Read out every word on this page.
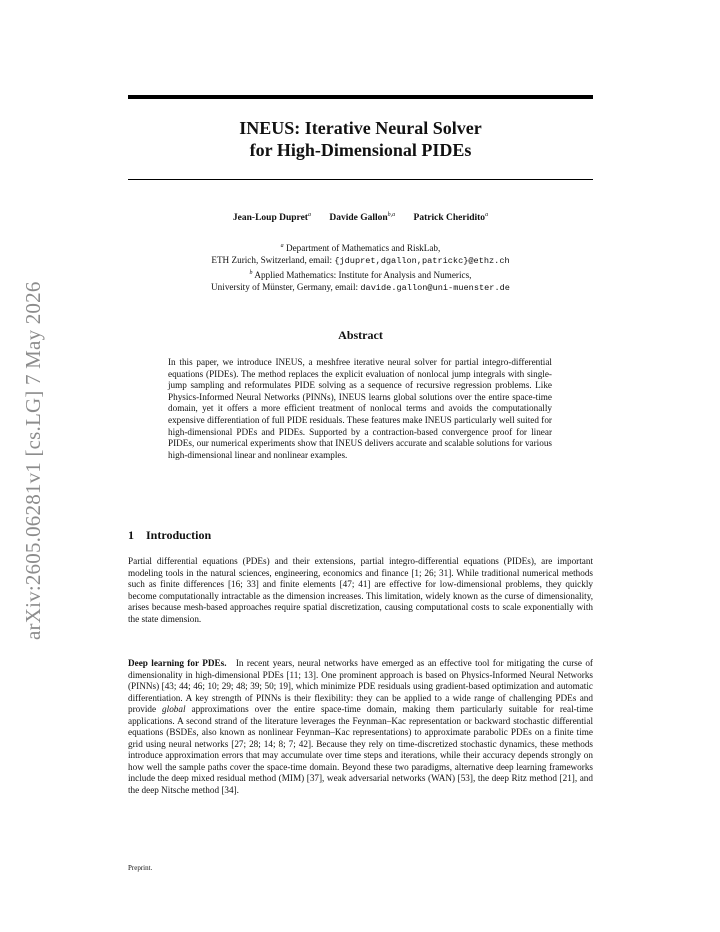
arXiv:2605.06281v1 [cs.LG] 7 May 2026
INEUS: Iterative Neural Solver
for High-Dimensional PIDEs
Jean-Loup Dupret$^a$ Davide Gallon$^{b,a}$ Patrick Cheridito$^a$
$^a$ Department of Mathematics and RiskLab,
ETH Zurich, Switzerland, email: {jdupret,dgallon,patrickc}@ethz.ch
$^b$ Applied Mathematics: Institute for Analysis and Numerics,
University of Münster, Germany, email: davide.gallon@uni-muenster.de
Abstract
In this paper, we introduce INEUS, a meshfree iterative neural solver for partial integro-differential equations (PIDEs). The method replaces the explicit evaluation of nonlocal jump integrals with single-jump sampling and reformulates PIDE solving as a sequence of recursive regression problems. Like Physics-Informed Neural Networks (PINNs), INEUS learns global solutions over the entire space-time domain, yet it offers a more efficient treatment of nonlocal terms and avoids the computationally expensive differentiation of full PIDE residuals. These features make INEUS particularly well suited for high-dimensional PDEs and PIDEs. Supported by a contraction-based convergence proof for linear PIDEs, our numerical experiments show that INEUS delivers accurate and scalable solutions for various high-dimensional linear and nonlinear examples.
1 Introduction
Partial differential equations (PDEs) and their extensions, partial integro-differential equations (PIDEs), are important modeling tools in the natural sciences, engineering, economics and finance [1; 26; 31]. While traditional numerical methods such as finite differences [16; 33] and finite elements [47; 41] are effective for low-dimensional problems, they quickly become computationally intractable as the dimension increases. This limitation, widely known as the curse of dimensionality, arises because mesh-based approaches require spatial discretization, causing computational costs to scale exponentially with the state dimension.
Deep learning for PDEs. In recent years, neural networks have emerged as an effective tool for mitigating the curse of dimensionality in high-dimensional PDEs [11; 13]. One prominent approach is based on Physics-Informed Neural Networks (PINNs) [43; 44; 46; 10; 29; 48; 39; 50; 19], which minimize PDE residuals using gradient-based optimization and automatic differentiation. A key strength of PINNs is their flexibility: they can be applied to a wide range of challenging PDEs and provide global approximations over the entire space-time domain, making them particularly suitable for real-time applications. A second strand of the literature leverages the Feynman–Kac representation or backward stochastic differential equations (BSDEs, also known as nonlinear Feynman–Kac representations) to approximate parabolic PDEs on a finite time grid using neural networks [27; 28; 14; 8; 7; 42]. Because they rely on time-discretized stochastic dynamics, these methods introduce approximation errors that may accumulate over time steps and iterations, while their accuracy depends strongly on how well the sample paths cover the space-time domain. Beyond these two paradigms, alternative deep learning frameworks include the deep mixed residual method (MIM) [37], weak adversarial networks (WAN) [53], the deep Ritz method [21], and the deep Nitsche method [34].
Preprint.
